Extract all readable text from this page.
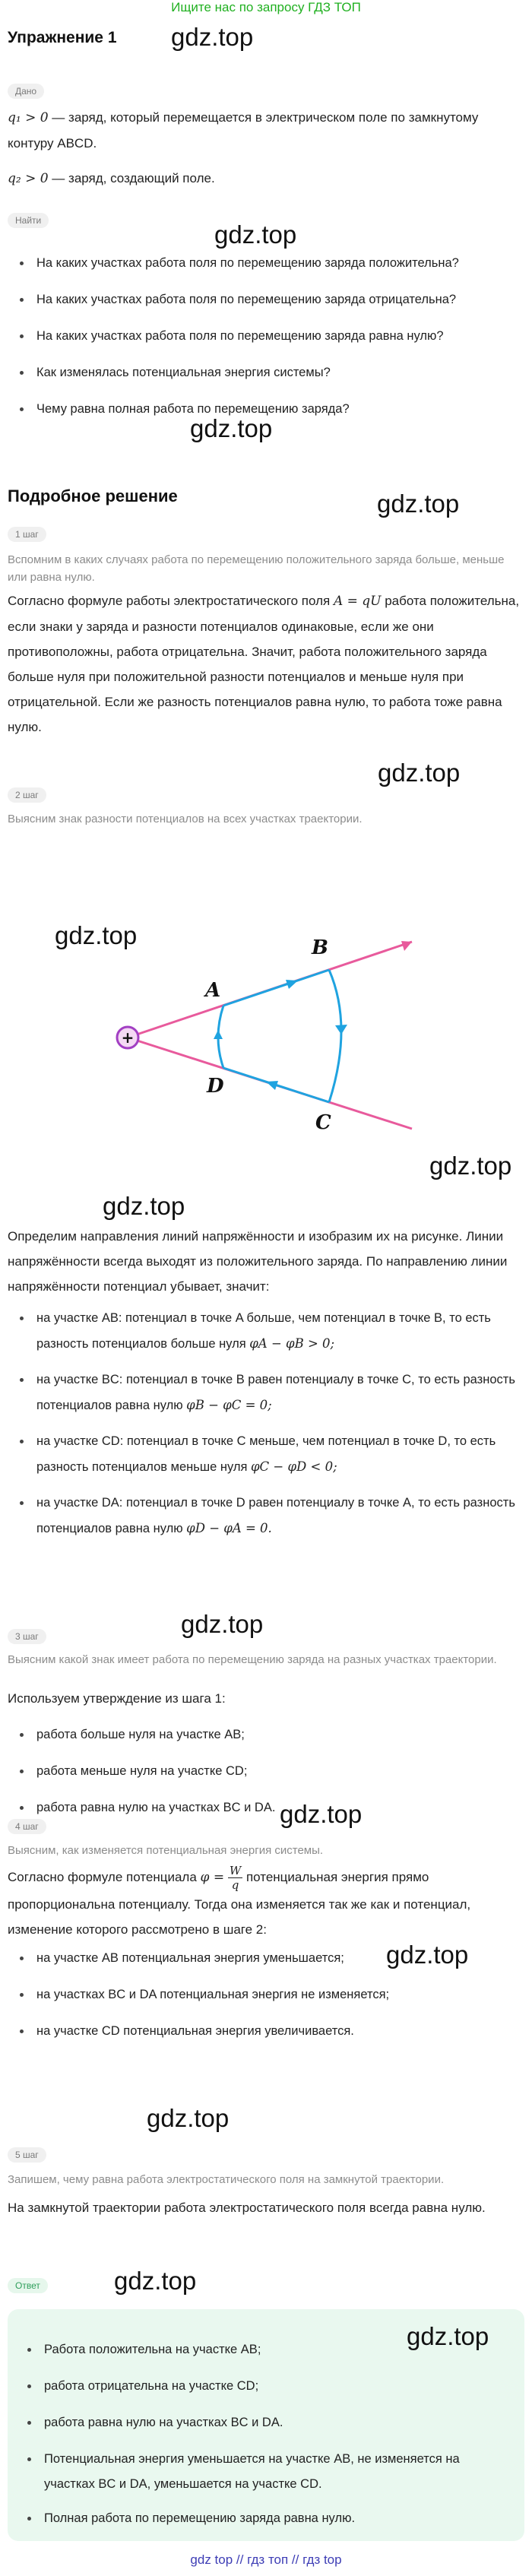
Ищите нас по запросу ГДЗ ТОП
Упражнение 1 gdz.top
Дано
q₁ > 0 — заряд, который перемещается в электрическом поле по замкнутому контуру ABCD.
q₂ > 0 — заряд, создающий поле.
Найти	gdz.top
На каких участках работа поля по перемещению заряда положительна?
На каких участках работа поля по перемещению заряда отрицательна?
На каких участках работа поля по перемещению заряда равна нулю?
Как изменялась потенциальная энергия системы?
Чему равна полная работа по перемещению заряда?
gdz.top
Подробное решение	gdz.top
1 шаг
Вспомним в каких случаях работа по перемещению положительного заряда больше, меньше или равна нулю.
Согласно формуле работы электростатического поля A = qU работа положительна, если знаки у заряда и разности потенциалов одинаковые, если же они противоположны, работа отрицательна. Значит, работа положительного заряда больше нуля при положительной разности потенциалов и меньше нуля при отрицательной. Если же разность потенциалов равна нулю, то работа тоже равна нулю.
gdz.top
2 шаг
Выясним знак разности потенциалов на всех участках траектории.
gdz.top
+
A
B
C
D
gdz.top
gdz.top
Определим направления линий напряжённости и изобразим их на рисунке. Линии напряжённости всегда выходят из положительного заряда. По направлению линии напряжённости потенциал убывает, значит:
на участке AB: потенциал в точке A больше, чем потенциал в точке B, то есть разность потенциалов больше нуля φA − φB > 0;
на участке BC: потенциал в точке B равен потенциалу в точке C, то есть разность потенциалов равна нулю φB − φC = 0;
на участке CD: потенциал в точке C меньше, чем потенциал в точке D, то есть разность потенциалов меньше нуля φC − φD < 0;
на участке DA: потенциал в точке D равен потенциалу в точке A, то есть разность потенциалов равна нулю φD − φA = 0.
gdz.top
3 шаг
Выясним какой знак имеет работа по перемещению заряда на разных участках траектории.
Используем утверждение из шага 1:
работа больше нуля на участке AB;
работа меньше нуля на участке CD;
работа равна нулю на участках BC и DA. gdz.top
4 шаг
Выясним, как изменяется потенциальная энергия системы.
Согласно формуле потенциала $\varphi = \frac{W}{q}$ потенциальная энергия прямо пропорциональна потенциалу. Тогда она изменяется так же как и потенциал, изменение которого рассмотрено в шаге 2:
на участке AB потенциальная энергия уменьшается;
на участках BC и DA потенциальная энергия не изменяется;
на участке CD потенциальная энергия увеличивается.
gdz.top
gdz.top
5 шаг
Запишем, чему равна работа электростатического поля на замкнутой траектории.
На замкнутой траектории работа электростатического поля всегда равна нулю.
Ответ	gdz.top
gdz.top
Работа положительна на участке AB;
работа отрицательна на участке CD;
работа равна нулю на участках BC и DA.
Потенциальная энергия уменьшается на участке AB, не изменяется на участках BC и DA, уменьшается на участке CD.
Полная работа по перемещению заряда равна нулю.
gdz top // гдз топ // гдз top
